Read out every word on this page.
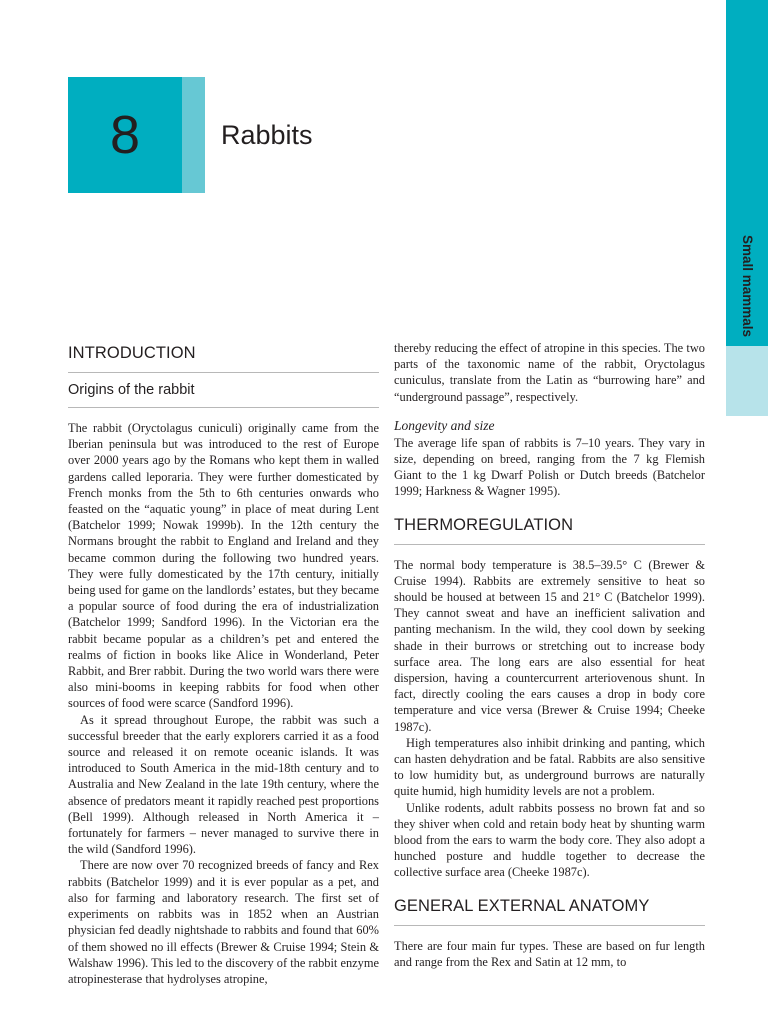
Small mammals
8	Rabbits
INTRODUCTION
Origins of the rabbit

The rabbit (Oryctolagus cuniculi) originally came from the Iberian peninsula but was introduced to the rest of Europe over 2000 years ago by the Romans who kept them in walled gardens called leporaria. They were further domesticated by French monks from the 5th to 6th centuries onwards who feasted on the “aquatic young” in place of meat during Lent (Batchelor 1999; Nowak 1999b). In the 12th century the Normans brought the rabbit to England and Ireland and they became common during the following two hundred years. They were fully domesticated by the 17th century, initially being used for game on the landlords’ estates, but they became a popular source of food during the era of industrialization (Batchelor 1999; Sandford 1996). In the Victorian era the rabbit became popular as a children’s pet and entered the realms of fiction in books like Alice in Wonderland, Peter Rabbit, and Brer rabbit. During the two world wars there were also mini-booms in keeping rabbits for food when other sources of food were scarce (Sandford 1996).

As it spread throughout Europe, the rabbit was such a successful breeder that the early explorers carried it as a food source and released it on remote oceanic islands. It was introduced to South America in the mid-18th century and to Australia and New Zealand in the late 19th century, where the absence of predators meant it rapidly reached pest proportions (Bell 1999). Although released in North America it – fortunately for farmers – never managed to survive there in the wild (Sandford 1996).

There are now over 70 recognized breeds of fancy and Rex rabbits (Batchelor 1999) and it is ever popular as a pet, and also for farming and laboratory research. The first set of experiments on rabbits was in 1852 when an Austrian physician fed deadly nightshade to rabbits and found that 60% of them showed no ill effects (Brewer & Cruise 1994; Stein & Walshaw 1996). This led to the discovery of the rabbit enzyme atropinesterase that hydrolyses atropine,

thereby reducing the effect of atropine in this species. The two parts of the taxonomic name of the rabbit, Oryctolagus cuniculus, translate from the Latin as “burrowing hare” and “underground passage”, respectively.

Longevity and size

The average life span of rabbits is 7–10 years. They vary in size, depending on breed, ranging from the 7 kg Flemish Giant to the 1 kg Dwarf Polish or Dutch breeds (Batchelor 1999; Harkness & Wagner 1995).

THERMOREGULATION

The normal body temperature is 38.5–39.5° C (Brewer & Cruise 1994). Rabbits are extremely sensitive to heat so should be housed at between 15 and 21° C (Batchelor 1999). They cannot sweat and have an inefficient salivation and panting mechanism. In the wild, they cool down by seeking shade in their burrows or stretching out to increase body surface area. The long ears are also essential for heat dispersion, having a countercurrent arteriovenous shunt. In fact, directly cooling the ears causes a drop in body core temperature and vice versa (Brewer & Cruise 1994; Cheeke 1987c).

High temperatures also inhibit drinking and panting, which can hasten dehydration and be fatal. Rabbits are also sensitive to low humidity but, as underground burrows are naturally quite humid, high humidity levels are not a problem.

Unlike rodents, adult rabbits possess no brown fat and so they shiver when cold and retain body heat by shunting warm blood from the ears to warm the body core. They also adopt a hunched posture and huddle together to decrease the collective surface area (Cheeke 1987c).

GENERAL EXTERNAL ANATOMY

There are four main fur types. These are based on fur length and range from the Rex and Satin at 12 mm, to
